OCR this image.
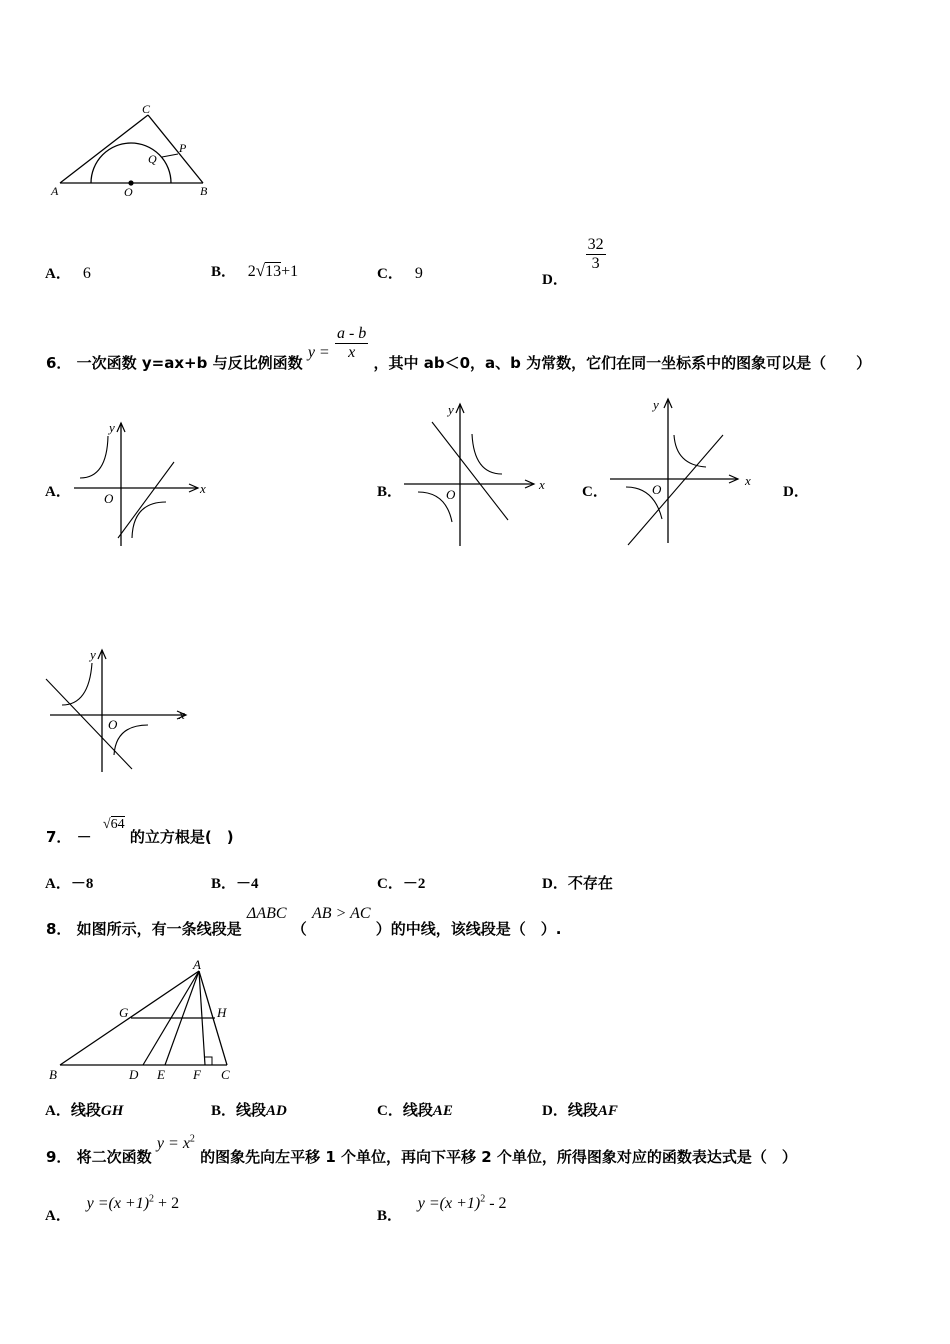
C
P
Q
A	O	B
A． 6	B． 2√13+1	C． 9	D．
$\frac{32}{3}$
6． 一次函数 y=ax+b 与反比例函数 $y = \frac{a - b}{x}$
，其中 ab＜0，a、b 为常数，它们在同一坐标系中的图象可以是（　　）
A．
y
x
O	B．
y
x
O	C．
y
x
O	D．
y
x
O
7． － √64 的立方根是(　)
A．－8	B．－4	C．－2	D．不存在
8． 如图所示，有一条线段是 ΔABC （ AB > AC ）的中线，该线段是（　）.
A
G	H
B	D E F C
A．线段GH	B．线段AD	C．线段AE	D．线段AF
9． 将二次函数 $y = x^2$ 的图象先向左平移 1 个单位，再向下平移 2 个单位，所得图象对应的函数表达式是（　）
A． $y =(x +1)^2 + 2$
B． $y =(x +1)^2 - 2$
